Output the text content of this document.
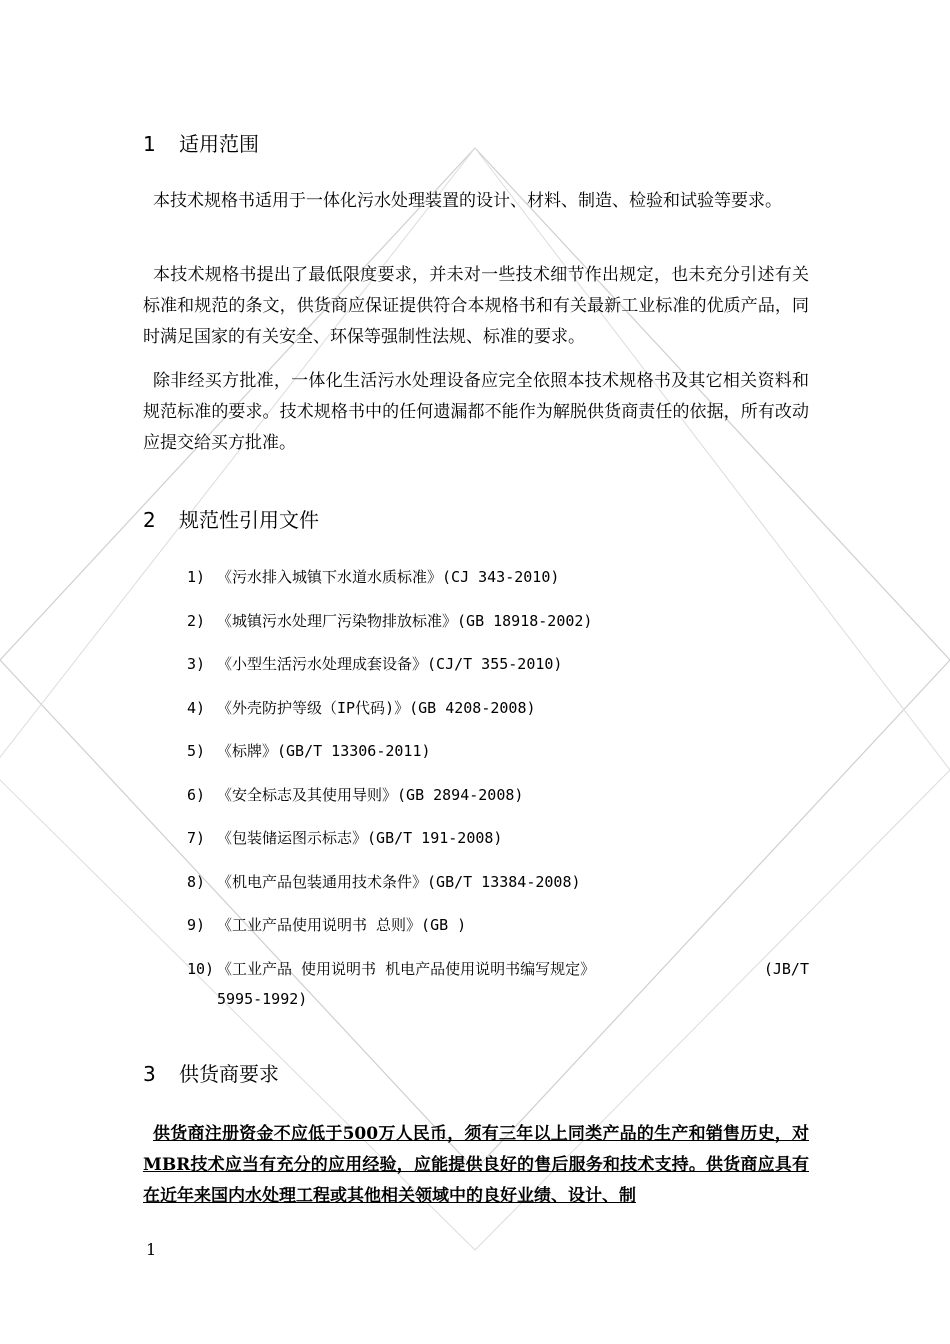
1 适用范围
本技术规格书适用于一体化污水处理装置的设计、材料、制造、检验和试验等要求。
本技术规格书提出了最低限度要求，并未对一些技术细节作出规定，也未充分引述有关标准和规范的条文，供货商应保证提供符合本规格书和有关最新工业标准的优质产品，同时满足国家的有关安全、环保等强制性法规、标准的要求。
除非经买方批准，一体化生活污水处理设备应完全依照本技术规格书及其它相关资料和规范标准的要求。技术规格书中的任何遗漏都不能作为解脱供货商责任的依据，所有改动应提交给买方批准。
2 规范性引用文件
1) 《污水排入城镇下水道水质标准》(CJ 343-2010)
2) 《城镇污水处理厂污染物排放标准》(GB 18918-2002)
3) 《小型生活污水处理成套设备》(CJ/T 355-2010)
4) 《外壳防护等级（IP代码)》(GB 4208-2008)
5) 《标牌》(GB/T 13306-2011)
6) 《安全标志及其使用导则》(GB 2894-2008)
7) 《包装储运图示标志》(GB/T 191-2008)
8) 《机电产品包装通用技术条件》(GB/T 13384-2008)
9) 《工业产品使用说明书 总则》(GB )
10) 《工业产品 使用说明书 机电产品使用说明书编写规定》	(JB/T
5995-1992)
3 供货商要求
供货商注册资金不应低于500万人民币，须有三年以上同类产品的生产和销售历史，对MBR技术应当有充分的应用经验，应能提供良好的售后服务和技术支持。供货商应具有在近年来国内水处理工程或其他相关领域中的良好业绩、设计、制
1
